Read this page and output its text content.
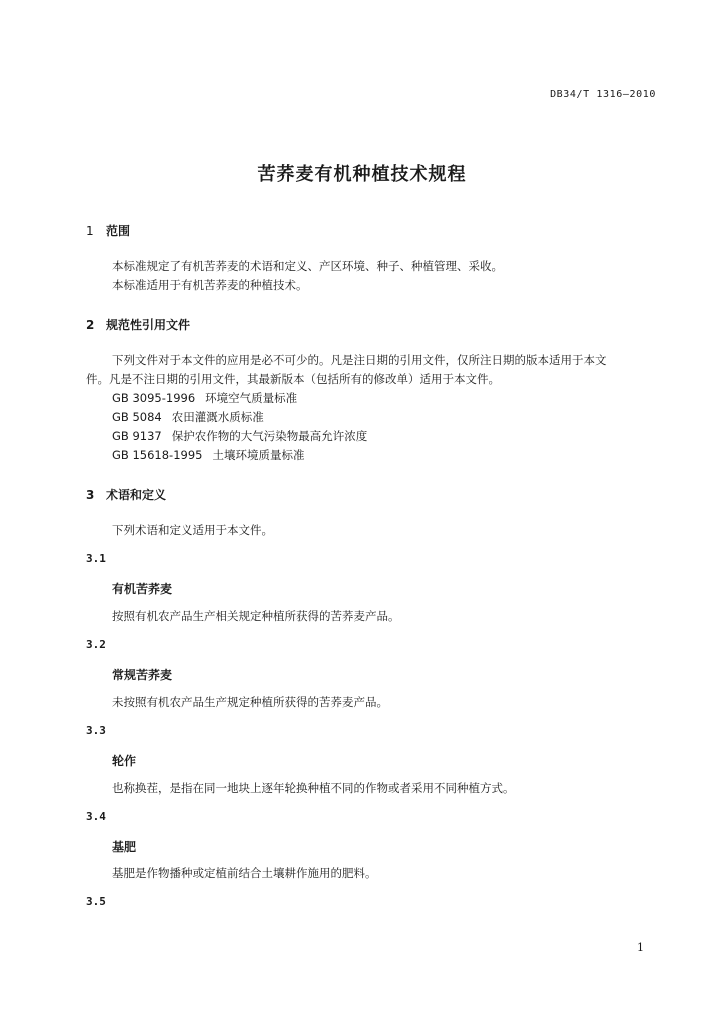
DB34/T 1316—2010
苦荞麦有机种植技术规程
1 范围
本标准规定了有机苦荞麦的术语和定义、产区环境、种子、种植管理、采收。
本标准适用于有机苦荞麦的种植技术。
2 规范性引用文件
下列文件对于本文件的应用是必不可少的。凡是注日期的引用文件，仅所注日期的版本适用于本文
件。凡是不注日期的引用文件，其最新版本（包括所有的修改单）适用于本文件。
GB 3095-1996 环境空气质量标准
GB 5084 农田灌溉水质标准
GB 9137 保护农作物的大气污染物最高允许浓度
GB 15618-1995 土壤环境质量标准
3 术语和定义
下列术语和定义适用于本文件。
3.1
有机苦荞麦
按照有机农产品生产相关规定种植所获得的苦荞麦产品。
3.2
常规苦荞麦
未按照有机农产品生产规定种植所获得的苦荞麦产品。
3.3
轮作
也称换茬，是指在同一地块上逐年轮换种植不同的作物或者采用不同种植方式。
3.4
基肥
基肥是作物播种或定植前结合土壤耕作施用的肥料。
3.5
1
